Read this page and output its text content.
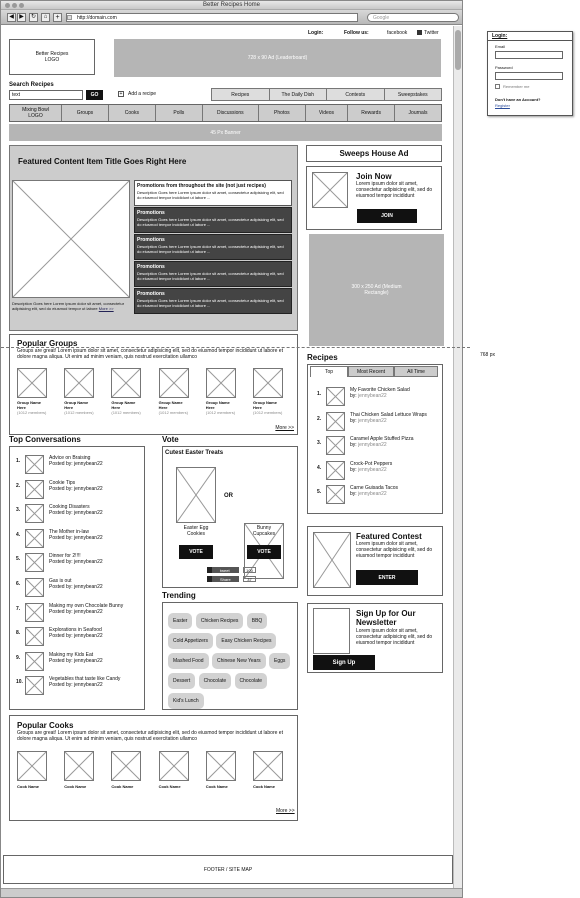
Better Recipes Home
◀ ▶	↻	⌂	+	http://domain.com	Google
Login:	Follow us:	facebook	Twitter
Better Recipes LOGO	728 x 90 Ad (Leaderboard)
Search Recipes
text	GO	+	Add a recipe	Recipes	The Daily Dish	Contests	Sweepstakes
Mixing Bowl LOGO	Groups	Cooks	Polls	Discussions	Photos	Videos	Rewards	Journals
45 Px Banner
Featured Content Item Title Goes Right Here
Description Goes here Lorem ipsum dolor sit amet, consectetur adipisicing elit, sed do eiusmod tempor ut labore More >>
Promotions from throughout the site (not just recipes)
Description Goes here Lorem ipsum dolor sit amet, consectetur adipisicing elit, sed do eiusmod tempor incididunt ut labore ...
Promotions
Description Goes here Lorem ipsum dolor sit amet, consectetur adipisicing elit, sed do eiusmod tempor incididunt ut labore ...
Promotions
Description Goes here Lorem ipsum dolor sit amet, consectetur adipisicing elit, sed do eiusmod tempor incididunt ut labore ...
Promotions
Description Goes here Lorem ipsum dolor sit amet, consectetur adipisicing elit, sed do eiusmod tempor incididunt ut labore ...
Promotions
Description Goes here Lorem ipsum dolor sit amet, consectetur adipisicing elit, sed do eiusmod tempor incididunt ut labore ...
Popular Groups
Groups are great! Lorem ipsum dolor sit amet, consectetur adipisicing elit, sed do eiusmod tempor incididunt ut labore et dolore magna aliqua. Ut enim ad minim veniam, quis nostrud exercitation ullamco
Group Name Here
(1012 members)
Group Name Here
(1012 members)
Group Name Here
(1012 members)
Group Name Here
(1012 members)
Group Name Here
(1012 members)
Group Name Here
(1012 members)
More >>
Top Conversations
1.	Advice on Braising
Posted by: jennybean22
2.	Cookie Tips
Posted by: jennybean22
3.	Cooking Disasters
Posted by: jennybean22
4.	The Mother in-law
Posted by: jennybean22
5.	Dinner for 2!!!!
Posted by: jennybean22
6.	Gas is out
Posted by: jennybean22
7.	Making my own Chocolate Bunny
Posted by: jennybean22
8.	Explorations in Seafood
Posted by: jennybean22
9.	Making my Kids Eat
Posted by: jennybean22
10.	Vegetables that taste like Candy
Posted by: jennybean22
Vote
Cutest Easter Treats
OR
Easter Egg Cookies
Bunny Cupcakes
VOTE	VOTE
tweet	100
Share	37
Trending
Easter	Chicken Recipes	BBQ Cold Appetizers	Easy Chicken Recipes Mashed Food	Chinese New Years	Eggs Dessert	Chocolate	Chocolate Kid's Lunch
Popular Cooks
Groups are great! Lorem ipsum dolor sit amet, consectetur adipisicing elit, sed do eiusmod tempor incididunt ut labore et dolore magna aliqua. Ut enim ad minim veniam, quis nostrud exercitation ullamco
Cook Name	Cook Name	Cook Name	Cook Name	Cook Name	Cook Name
More >>
Sweeps House Ad
Join Now
Lorem ipsum dolor sit amet, consectetur adipisicing elit, sed do eiusmod tempor incididunt
JOIN
300 x 250 Ad (Medium Rectangle)
768 px
Recipes
Top	Most Recent	All Time
1.
My Favorite Chicken Salad
by: jennybean22
2.
Thai Chicken Salad Lettuce Wraps
by: jennybean22
3.
Caramel Apple Stuffed Pizza
by: jennybean22
4.
Crock-Pot Peppers
by: jennybean22
5.
Carne Guisada Tacos
by: jennybean22
Featured Contest
Lorem ipsum dolor sit amet, consectetur adipisicing elit, sed do eiusmod tempor incididunt
ENTER
Sign Up for Our Newsletter
Lorem ipsum dolor sit amet, consectetur adipisicing elit, sed do eiusmod tempor incididunt
Sign Up
FOOTER / SITE MAP
Login:
Email
Password
Remember me
Don't have an Account?
Register
